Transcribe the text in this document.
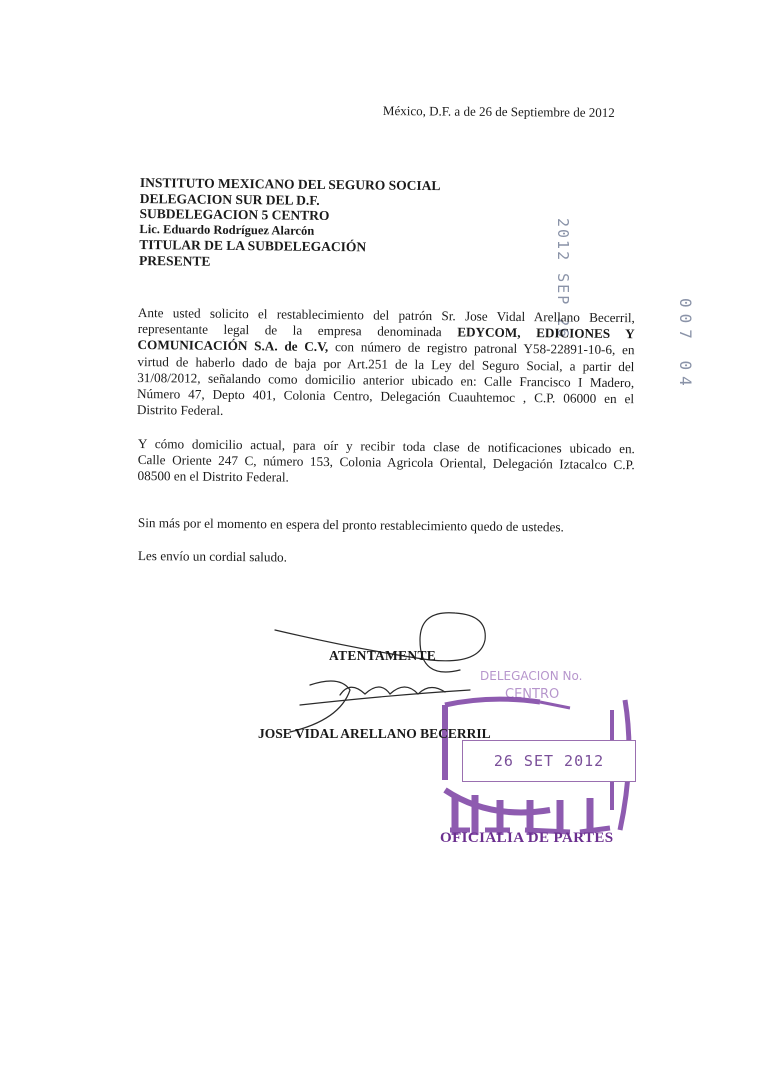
México, D.F. a de 26 de Septiembre de 2012
INSTITUTO MEXICANO DEL SEGURO SOCIAL
DELEGACION SUR DEL D.F.
SUBDELEGACION 5 CENTRO
Lic. Eduardo Rodríguez Alarcón
TITULAR DE LA SUBDELEGACIÓN
PRESENTE	2012 SEP 26
007 04
Ante usted solicito el restablecimiento del patrón Sr. Jose Vidal Arellano Becerril,
representante legal de la empresa denominada EDYCOM, EDICIONES Y
COMUNICACIÓN S.A. de C.V, con número de registro patronal Y58-22891-10-6, en
virtud de haberlo dado de baja por Art.251 de la Ley del Seguro Social, a partir del
31/08/2012, señalando como domicilio anterior ubicado en: Calle Francisco I Madero,
Número 47, Depto 401, Colonia Centro, Delegación Cuauhtemoc , C.P. 06000 en el
Distrito Federal.
Y cómo domicilio actual, para oír y recibir toda clase de notificaciones ubicado en.
Calle Oriente 247 C, número 153, Colonia Agricola Oriental, Delegación Iztacalco C.P.
08500 en el Distrito Federal.
Sin más por el momento en espera del pronto restablecimiento quedo de ustedes.
Les envío un cordial saludo.
DELEGACION No.
CENTRO
26 SET 2012
OFICIALIA DE PARTES
ATENTAMENTE
JOSE VIDAL ARELLANO BECERRIL
